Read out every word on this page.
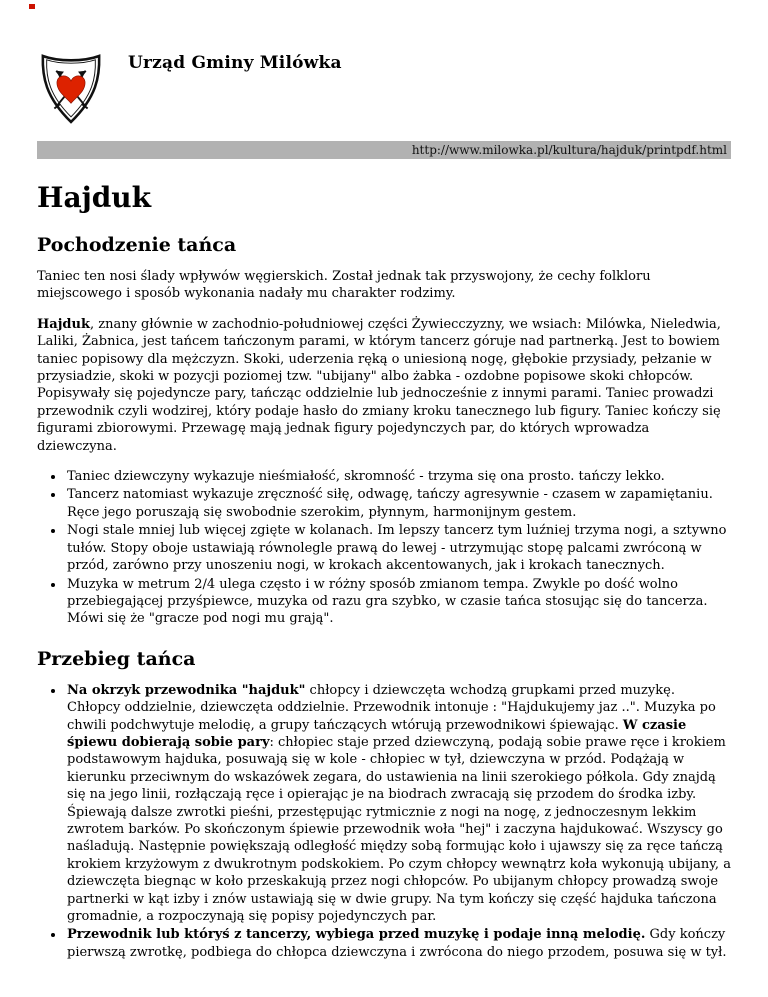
Urząd Gminy Milówka
http://www.milowka.pl/kultura/hajduk/printpdf.html
Hajduk
Pochodzenie tańca

Taniec ten nosi ślady wpływów węgierskich. Został jednak tak przyswojony, że cechy folkloru miejscowego i sposób wykonania nadały mu charakter rodzimy.

Hajduk, znany głównie w zachodnio-południowej części Żywiecczyzny, we wsiach: Milówka, Nieledwia, Laliki, Żabnica, jest tańcem tańczonym parami, w którym tancerz góruje nad partnerką. Jest to bowiem taniec popisowy dla mężczyzn. Skoki, uderzenia ręką o uniesioną nogę, głębokie przysiady, pełzanie w przysiadzie, skoki w pozycji poziomej tzw. "ubijany" albo żabka - ozdobne popisowe skoki chłopców. Popisywały się pojedyncze pary, tańcząc oddzielnie lub jednocześnie z innymi parami. Taniec prowadzi przewodnik czyli wodzirej, który podaje hasło do zmiany kroku tanecznego lub figury. Taniec kończy się figurami zbiorowymi. Przewagę mają jednak figury pojedynczych par, do których wprowadza dziewczyna.

• Taniec dziewczyny wykazuje nieśmiałość, skromność - trzyma się ona prosto. tańczy lekko.
• Tancerz natomiast wykazuje zręczność siłę, odwagę, tańczy agresywnie - czasem w zapamiętaniu. Ręce jego poruszają się swobodnie szerokim, płynnym, harmonijnym gestem.
• Nogi stale mniej lub więcej zgięte w kolanach. Im lepszy tancerz tym luźniej trzyma nogi, a sztywno tułów. Stopy oboje ustawiają równolegle prawą do lewej - utrzymując stopę palcami zwróconą w przód, zarówno przy unoszeniu nogi, w krokach akcentowanych, jak i krokach tanecznych.
• Muzyka w metrum 2/4 ulega często i w różny sposób zmianom tempa. Zwykle po dość wolno przebiegającej przyśpiewce, muzyka od razu gra szybko, w czasie tańca stosując się do tancerza. Mówi się że "gracze pod nogi mu grają".
Przebieg tańca
• Na okrzyk przewodnika "hajduk" chłopcy i dziewczęta wchodzą grupkami przed muzykę. Chłopcy oddzielnie, dziewczęta oddzielnie. Przewodnik intonuje : "Hajdukujemy jaz ..". Muzyka po chwili podchwytuje melodię, a grupy tańczących wtórują przewodnikowi śpiewając. W czasie śpiewu dobierają sobie pary: chłopiec staje przed dziewczyną, podają sobie prawe ręce i krokiem podstawowym hajduka, posuwają się w kole - chłopiec w tył, dziewczyna w przód. Podążają w kierunku przeciwnym do wskazówek zegara, do ustawienia na linii szerokiego półkola. Gdy znajdą się na jego linii, rozłączają ręce i opierając je na biodrach zwracają się przodem do środka izby. Śpiewają dalsze zwrotki pieśni, przestępując rytmicznie z nogi na nogę, z jednoczesnym lekkim zwrotem barków. Po skończonym śpiewie przewodnik woła "hej" i zaczyna hajdukować. Wszyscy go naśladują. Następnie powiększają odległość między sobą formując koło i ujawszy się za ręce tańczą krokiem krzyżowym z dwukrotnym podskokiem. Po czym chłopcy wewnątrz koła wykonują ubijany, a dziewczęta biegnąc w koło przeskakują przez nogi chłopców. Po ubijanym chłopcy prowadzą swoje partnerki w kąt izby i znów ustawiają się w dwie grupy. Na tym kończy się część hajduka tańczona gromadnie, a rozpoczynają się popisy pojedynczych par.
• Przewodnik lub któryś z tancerzy, wybiega przed muzykę i podaje inną melodię. Gdy kończy pierwszą zwrotkę, podbiega do chłopca dziewczyna i zwrócona do niego przodem, posuwa się w tył.
